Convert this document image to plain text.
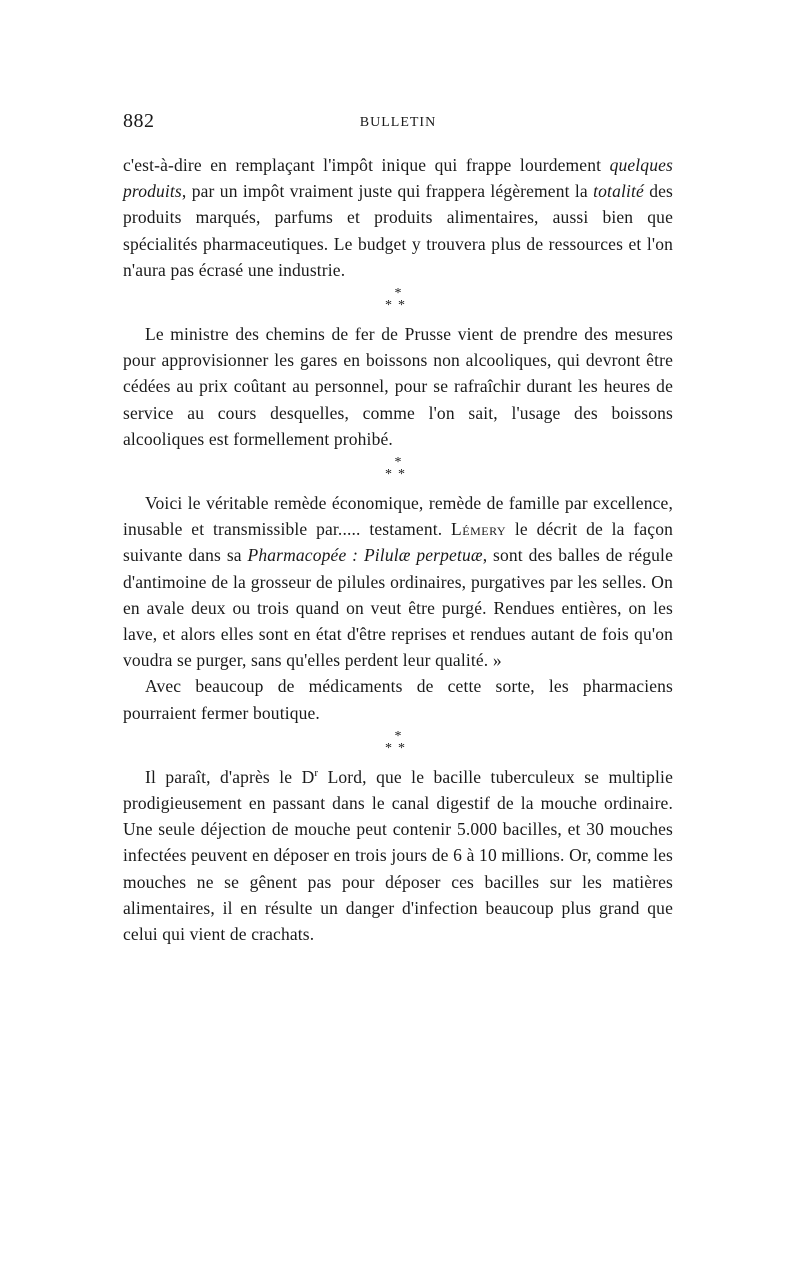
882	BULLETIN

c'est-à-dire en remplaçant l'impôt inique qui frappe lourdement quelques produits, par un impôt vraiment juste qui frappera légèrement la totalité des produits marqués, parfums et produits alimentaires, aussi bien que spécialités pharmaceutiques. Le budget y trouvera plus de ressources et l'on n'aura pas écrasé une industrie.

*
**

Le ministre des chemins de fer de Prusse vient de prendre des mesures pour approvisionner les gares en boissons non alcooliques, qui devront être cédées au prix coûtant au personnel, pour se rafraîchir durant les heures de service au cours desquelles, comme l'on sait, l'usage des boissons alcooliques est formellement prohibé.

*
**

Voici le véritable remède économique, remède de famille par excellence, inusable et transmissible par..... testament. Lémery le décrit de la façon suivante dans sa Pharmacopée : Pilulæ perpetuæ, sont des balles de régule d'antimoine de la grosseur de pilules ordinaires, purgatives par les selles. On en avale deux ou trois quand on veut être purgé. Rendues entières, on les lave, et alors elles sont en état d'être reprises et rendues autant de fois qu'on voudra se purger, sans qu'elles perdent leur qualité. »

Avec beaucoup de médicaments de cette sorte, les pharmaciens pourraient fermer boutique.

*
**

Il paraît, d'après le $D^r$ Lord, que le bacille tuberculeux se multiplie prodigieusement en passant dans le canal digestif de la mouche ordinaire. Une seule déjection de mouche peut contenir 5.000 bacilles, et 30 mouches infectées peuvent en déposer en trois jours de 6 à 10 millions. Or, comme les mouches ne se gênent pas pour déposer ces bacilles sur les matières alimentaires, il en résulte un danger d'infection beaucoup plus grand que celui qui vient de crachats.
